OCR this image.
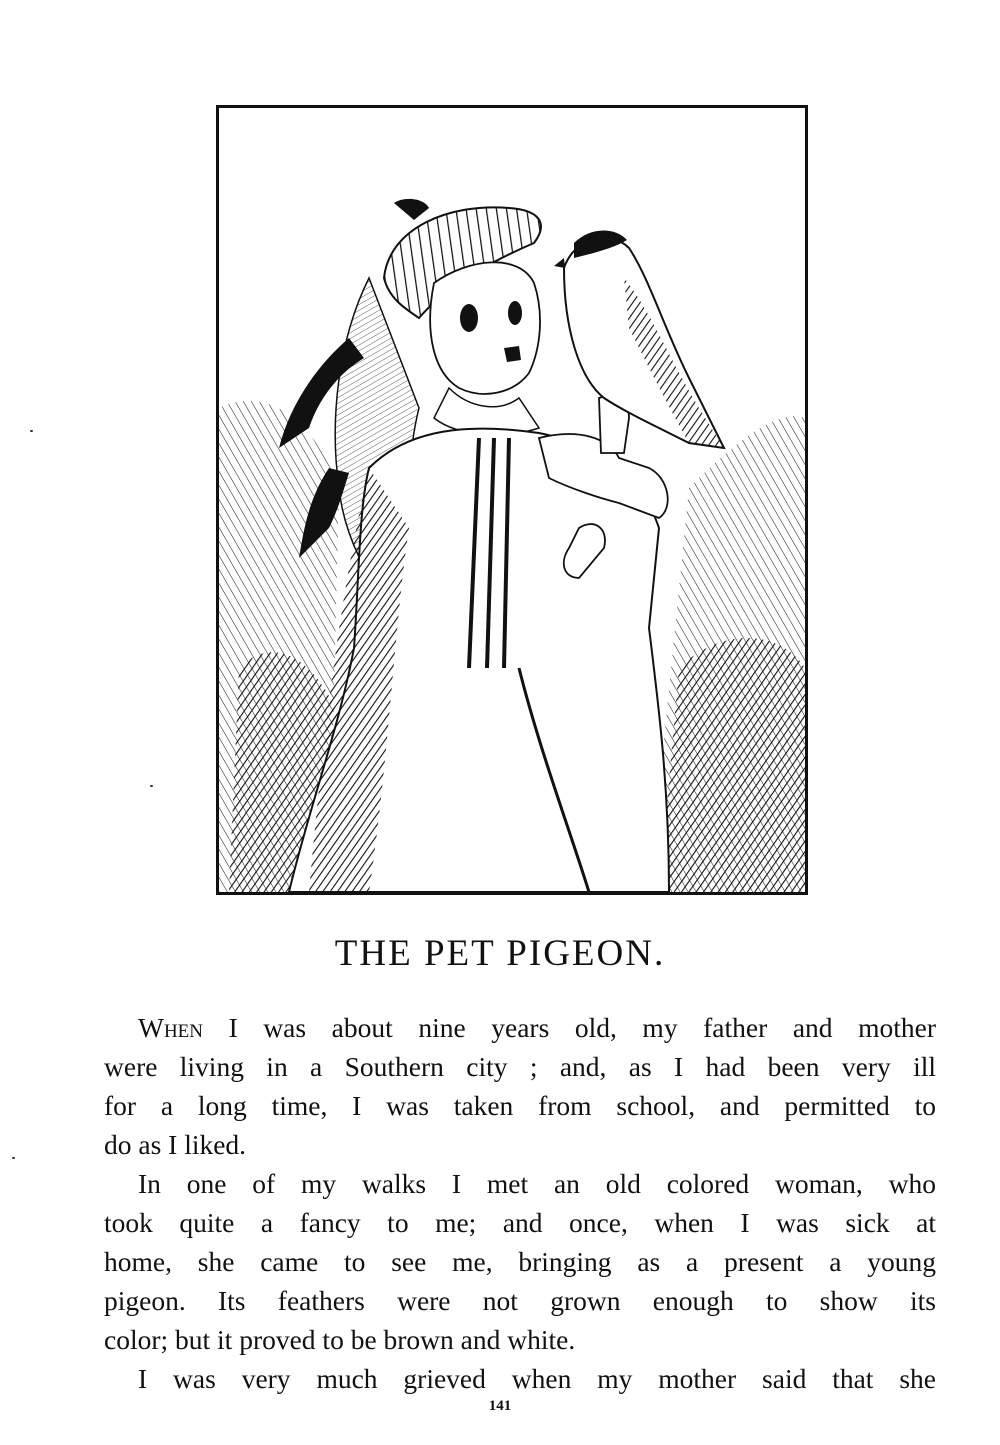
THE PET PIGEON.
When I was about nine years old, my father and mother
were living in a Southern city ; and, as I had been very ill
for a long time, I was taken from school, and permitted to
do as I liked.
In one of my walks I met an old colored woman, who
took quite a fancy to me; and once, when I was sick at
home, she came to see me, bringing as a present a young
pigeon. Its feathers were not grown enough to show its
color; but it proved to be brown and white.
I was very much grieved when my mother said that she
141
